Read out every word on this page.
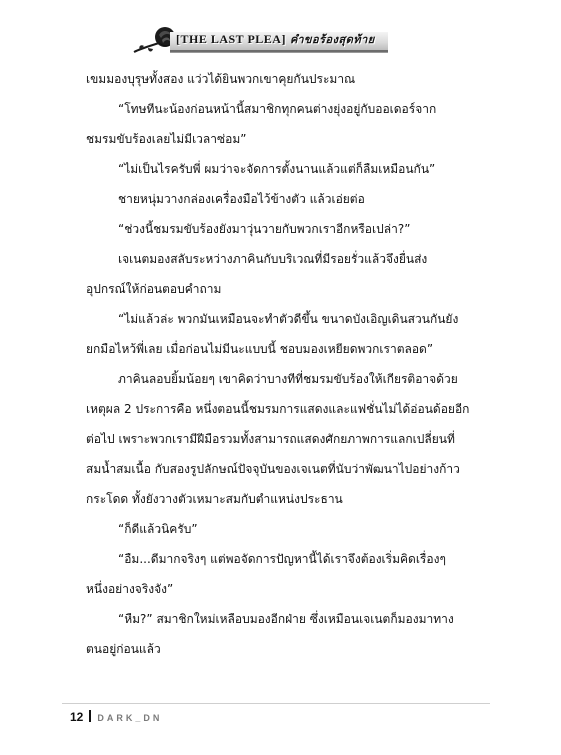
[THE LAST PLEA] คำขอร้องสุดท้าย

เขมมองบุรุษทั้งสอง แว่วได้ยินพวกเขาคุยกันประมาณ

“โทษทีนะน้องก่อนหน้านี้สมาชิกทุกคนต่างยุ่งอยู่กับออเดอร์จาก

ชมรมขับร้องเลยไม่มีเวลาซ่อม”

“ไม่เป็นไรครับพี่ ผมว่าจะจัดการตั้งนานแล้วแต่ก็ลืมเหมือนกัน”

ชายหนุ่มวางกล่องเครื่องมือไว้ข้างตัว แล้วเอ่ยต่อ

“ช่วงนี้ชมรมขับร้องยังมาวุ่นวายกับพวกเราอีกหรือเปล่า?”

เจเนตมองสลับระหว่างภาคินกับบริเวณที่มีรอยรั่วแล้วจึงยื่นส่ง

อุปกรณ์ให้ก่อนตอบคำถาม

“ไม่แล้วล่ะ พวกมันเหมือนจะทำตัวดีขึ้น ขนาดบังเอิญเดินสวนกันยัง

ยกมือไหว้พี่เลย เมื่อก่อนไม่มีนะแบบนี้ ชอบมองเหยียดพวกเราตลอด”

ภาคินลอบยิ้มน้อยๆ เขาคิดว่าบางทีที่ชมรมขับร้องให้เกียรติอาจด้วย

เหตุผล 2 ประการคือ หนึ่งตอนนี้ชมรมการแสดงและแฟชั่นไม่ได้อ่อนด้อยอีก

ต่อไป เพราะพวกเรามีฝีมือรวมทั้งสามารถแสดงศักยภาพการแลกเปลี่ยนที่

สมน้ำสมเนื้อ กับสองรูปลักษณ์ปัจจุบันของเจเนตที่นับว่าพัฒนาไปอย่างก้าว

กระโดด ทั้งยังวางตัวเหมาะสมกับตำแหน่งประธาน

“ก็ดีแล้วนิครับ”

“อืม...ดีมากจริงๆ แต่พอจัดการปัญหานี้ได้เราจึงต้องเริ่มคิดเรื่องๆ

หนึ่งอย่างจริงจัง”

“หืม?” สมาชิกใหม่เหลือบมองอีกฝ่าย ซึ่งเหมือนเจเนตก็มองมาทาง

ตนอยู่ก่อนแล้ว

12 DARK_DN
